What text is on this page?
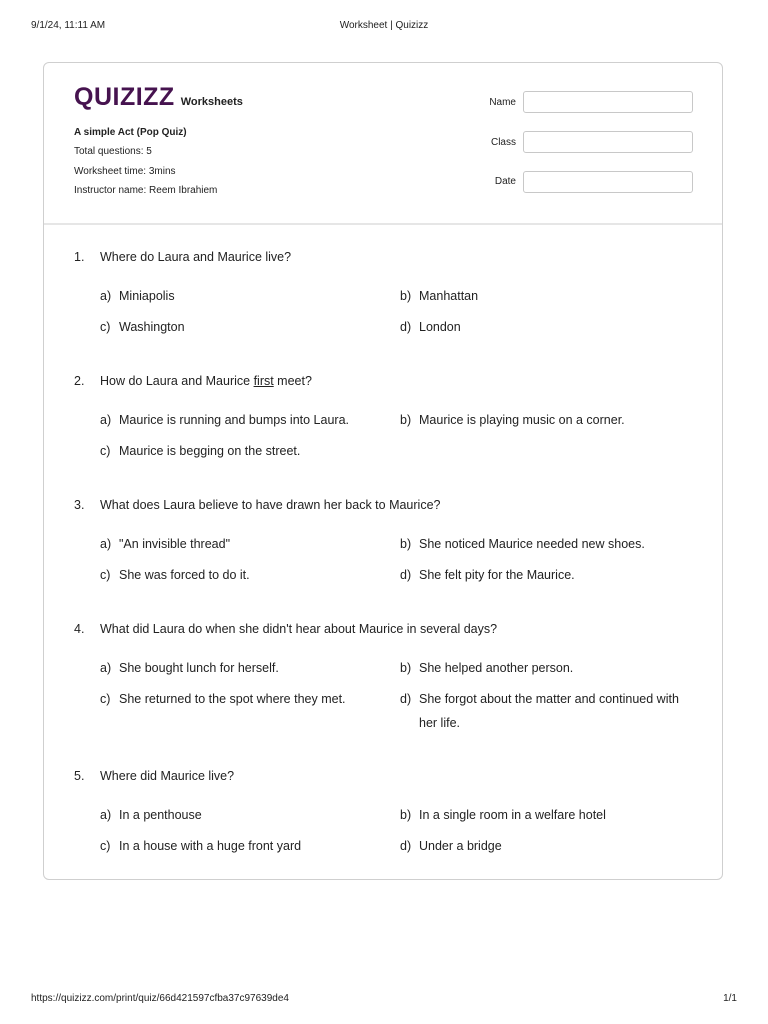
9/1/24, 11:11 AM	Worksheet | Quizizz
QUIZIZZ Worksheets
A simple Act (Pop Quiz)
Total questions: 5
Worksheet time: 3mins
Instructor name: Reem Ibrahiem
Name
Class
Date
1. Where do Laura and Maurice live?
a) Miniapolis	b) Manhattan
c) Washington	d) London
2. How do Laura and Maurice first meet?
a) Maurice is running and bumps into Laura.	b) Maurice is playing music on a corner.
c) Maurice is begging on the street.
3. What does Laura believe to have drawn her back to Maurice?
a) "An invisible thread"	b) She noticed Maurice needed new shoes.
c) She was forced to do it.	d) She felt pity for the Maurice.
4. What did Laura do when she didn't hear about Maurice in several days?
a) She bought lunch for herself.	b) She helped another person.
c) She returned to the spot where they met.	d) She forgot about the matter and continued with her life.
5. Where did Maurice live?
a) In a penthouse	b) In a single room in a welfare hotel
c) In a house with a huge front yard	d) Under a bridge
https://quizizz.com/print/quiz/66d421597cfba37c97639de4	1/1
